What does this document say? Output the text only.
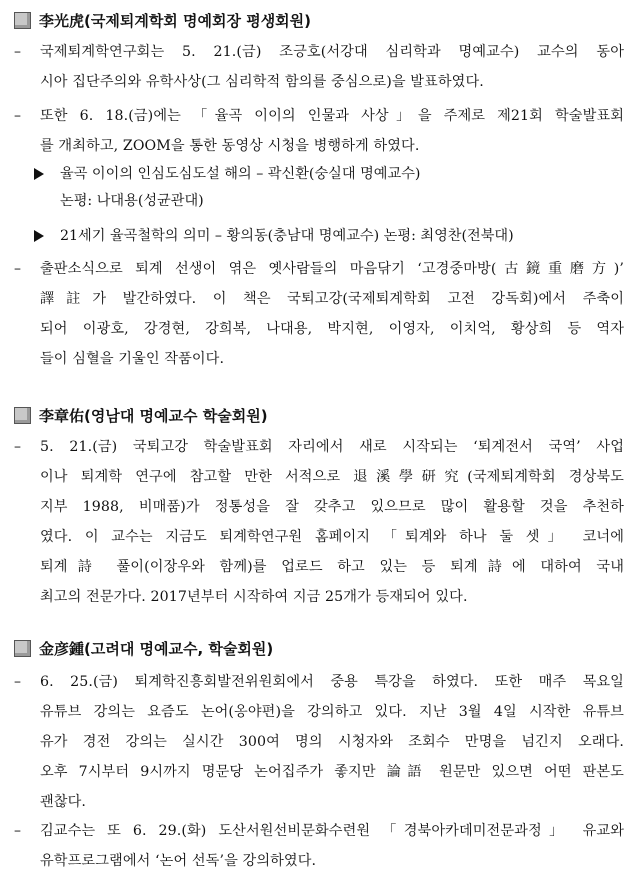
李光虎(국제퇴계학회 명예회장 평생회원)
–	국제퇴계학연구회는 5. 21.(금) 조긍호(서강대 심리학과 명예교수) 교수의 동아
시아 집단주의와 유학사상(그 심리학적 함의를 중심으로)을 발표하였다.
–	또한 6. 18.(금)에는 「율곡 이이의 인물과 사상」을 주제로 제21회 학술발표회
를 개최하고, ZOOM을 통한 동영상 시청을 병행하게 하였다.
율곡 이이의 인심도심도설 해의 – 곽신환(숭실대 명예교수)
논평: 나대용(성균관대)
21세기 율곡철학의 의미 – 황의동(충남대 명예교수) 논평: 최영찬(전북대)
–	출판소식으로 퇴계 선생이 엮은 옛사람들의 마음닦기 ‘고경중마방(古鏡重磨方)’
譯註가 발간하였다. 이 책은 국퇴고강(국제퇴계학회 고전 강독회)에서 주축이
되어 이광호, 강경현, 강희복, 나대용, 박지현, 이영자, 이치억, 황상희 등 역자
들이 심혈을 기울인 작품이다.
李章佑(영남대 명예교수 학술회원)
–	5. 21.(금) 국퇴고강 학술발표회 자리에서 새로 시작되는 ‘퇴계전서 국역’ 사업
이나 퇴계학 연구에 참고할 만한 서적으로 退溪學研究(국제퇴계학회 경상북도
지부 1988, 비매품)가 정통성을 잘 갖추고 있으므로 많이 활용할 것을 추천하
였다. 이 교수는 지금도 퇴계학연구원 홈페이지 「퇴계와 하나 둘 셋」 코너에
퇴계詩 풀이(이장우와 함께)를 업로드 하고 있는 등 퇴계詩에 대하여 국내
최고의 전문가다. 2017년부터 시작하여 지금 25개가 등재되어 있다.
金彦鍾(고려대 명예교수, 학술회원)
–	6. 25.(금) 퇴계학진흥회발전위원회에서 중용 특강을 하였다. 또한 매주 목요일
유튜브 강의는 요즘도 논어(옹야편)을 강의하고 있다. 지난 3월 4일 시작한 유튜브
유가 경전 강의는 실시간 300여 명의 시청자와 조회수 만명을 넘긴지 오래다.
오후 7시부터 9시까지 명문당 논어집주가 좋지만 論語 원문만 있으면 어떤 판본도
괜찮다.
–	김교수는 또 6. 29.(화) 도산서원선비문화수련원 「경북아카데미전문과정」 유교와
유학프로그램에서 ‘논어 선독’을 강의하였다.
